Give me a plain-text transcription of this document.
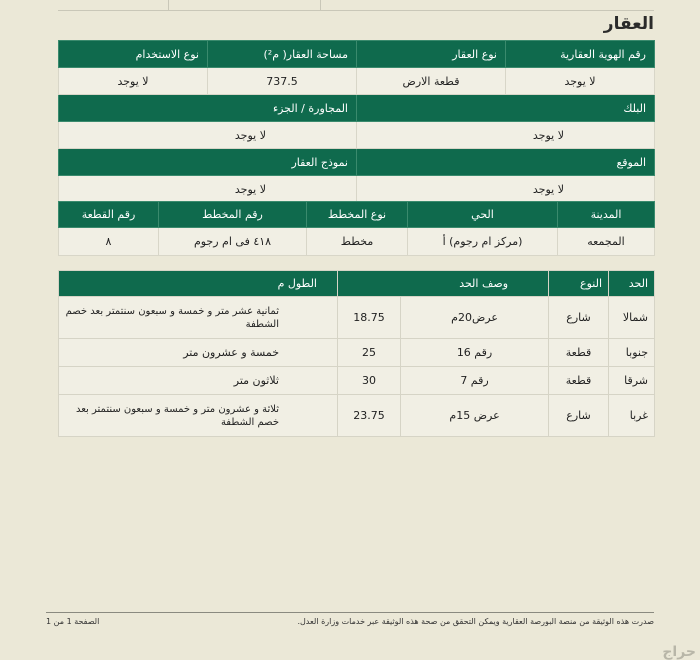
العقار
رقم الهوية العقارية	نوع العقار	مساحة العقار( م²)	نوع الاستخدام
لا يوجد	قطعة الارض	737.5	لا يوجد
البلك		المجاورة / الجزء	
لا يوجد		لا يوجد	
الموقع		نموذج العقار	
لا يوجد		لا يوجد	
المدينة	الحي	نوع المخطط	رقم المخطط	رقم القطعة
المجمعه	(مركز ام رجوم) أ	مخطط	٤١٨ فى ام رجوم	٨
الحد	النوع	وصف الحد		الطول م
شمالا	شارع	عرض20م	18.75	ثمانية عشر متر و خمسة و سبعون سنتمتر بعد خصم الشطفة
جنوبا	قطعة	رقم 16	25	خمسة و عشرون متر
شرقا	قطعة	رقم 7	30	ثلاثون متر
غربا	شارع	عرض 15م	23.75	ثلاثة و عشرون متر و خمسة و سبعون سنتمتر بعد خصم الشطفة
صدرت هذه الوثيقة من منصة البورصة العقارية ويمكن التحقق من صحة هذه الوثيقة عبر خدمات وزارة العدل.
الصفحة 1 من 1
حراج
